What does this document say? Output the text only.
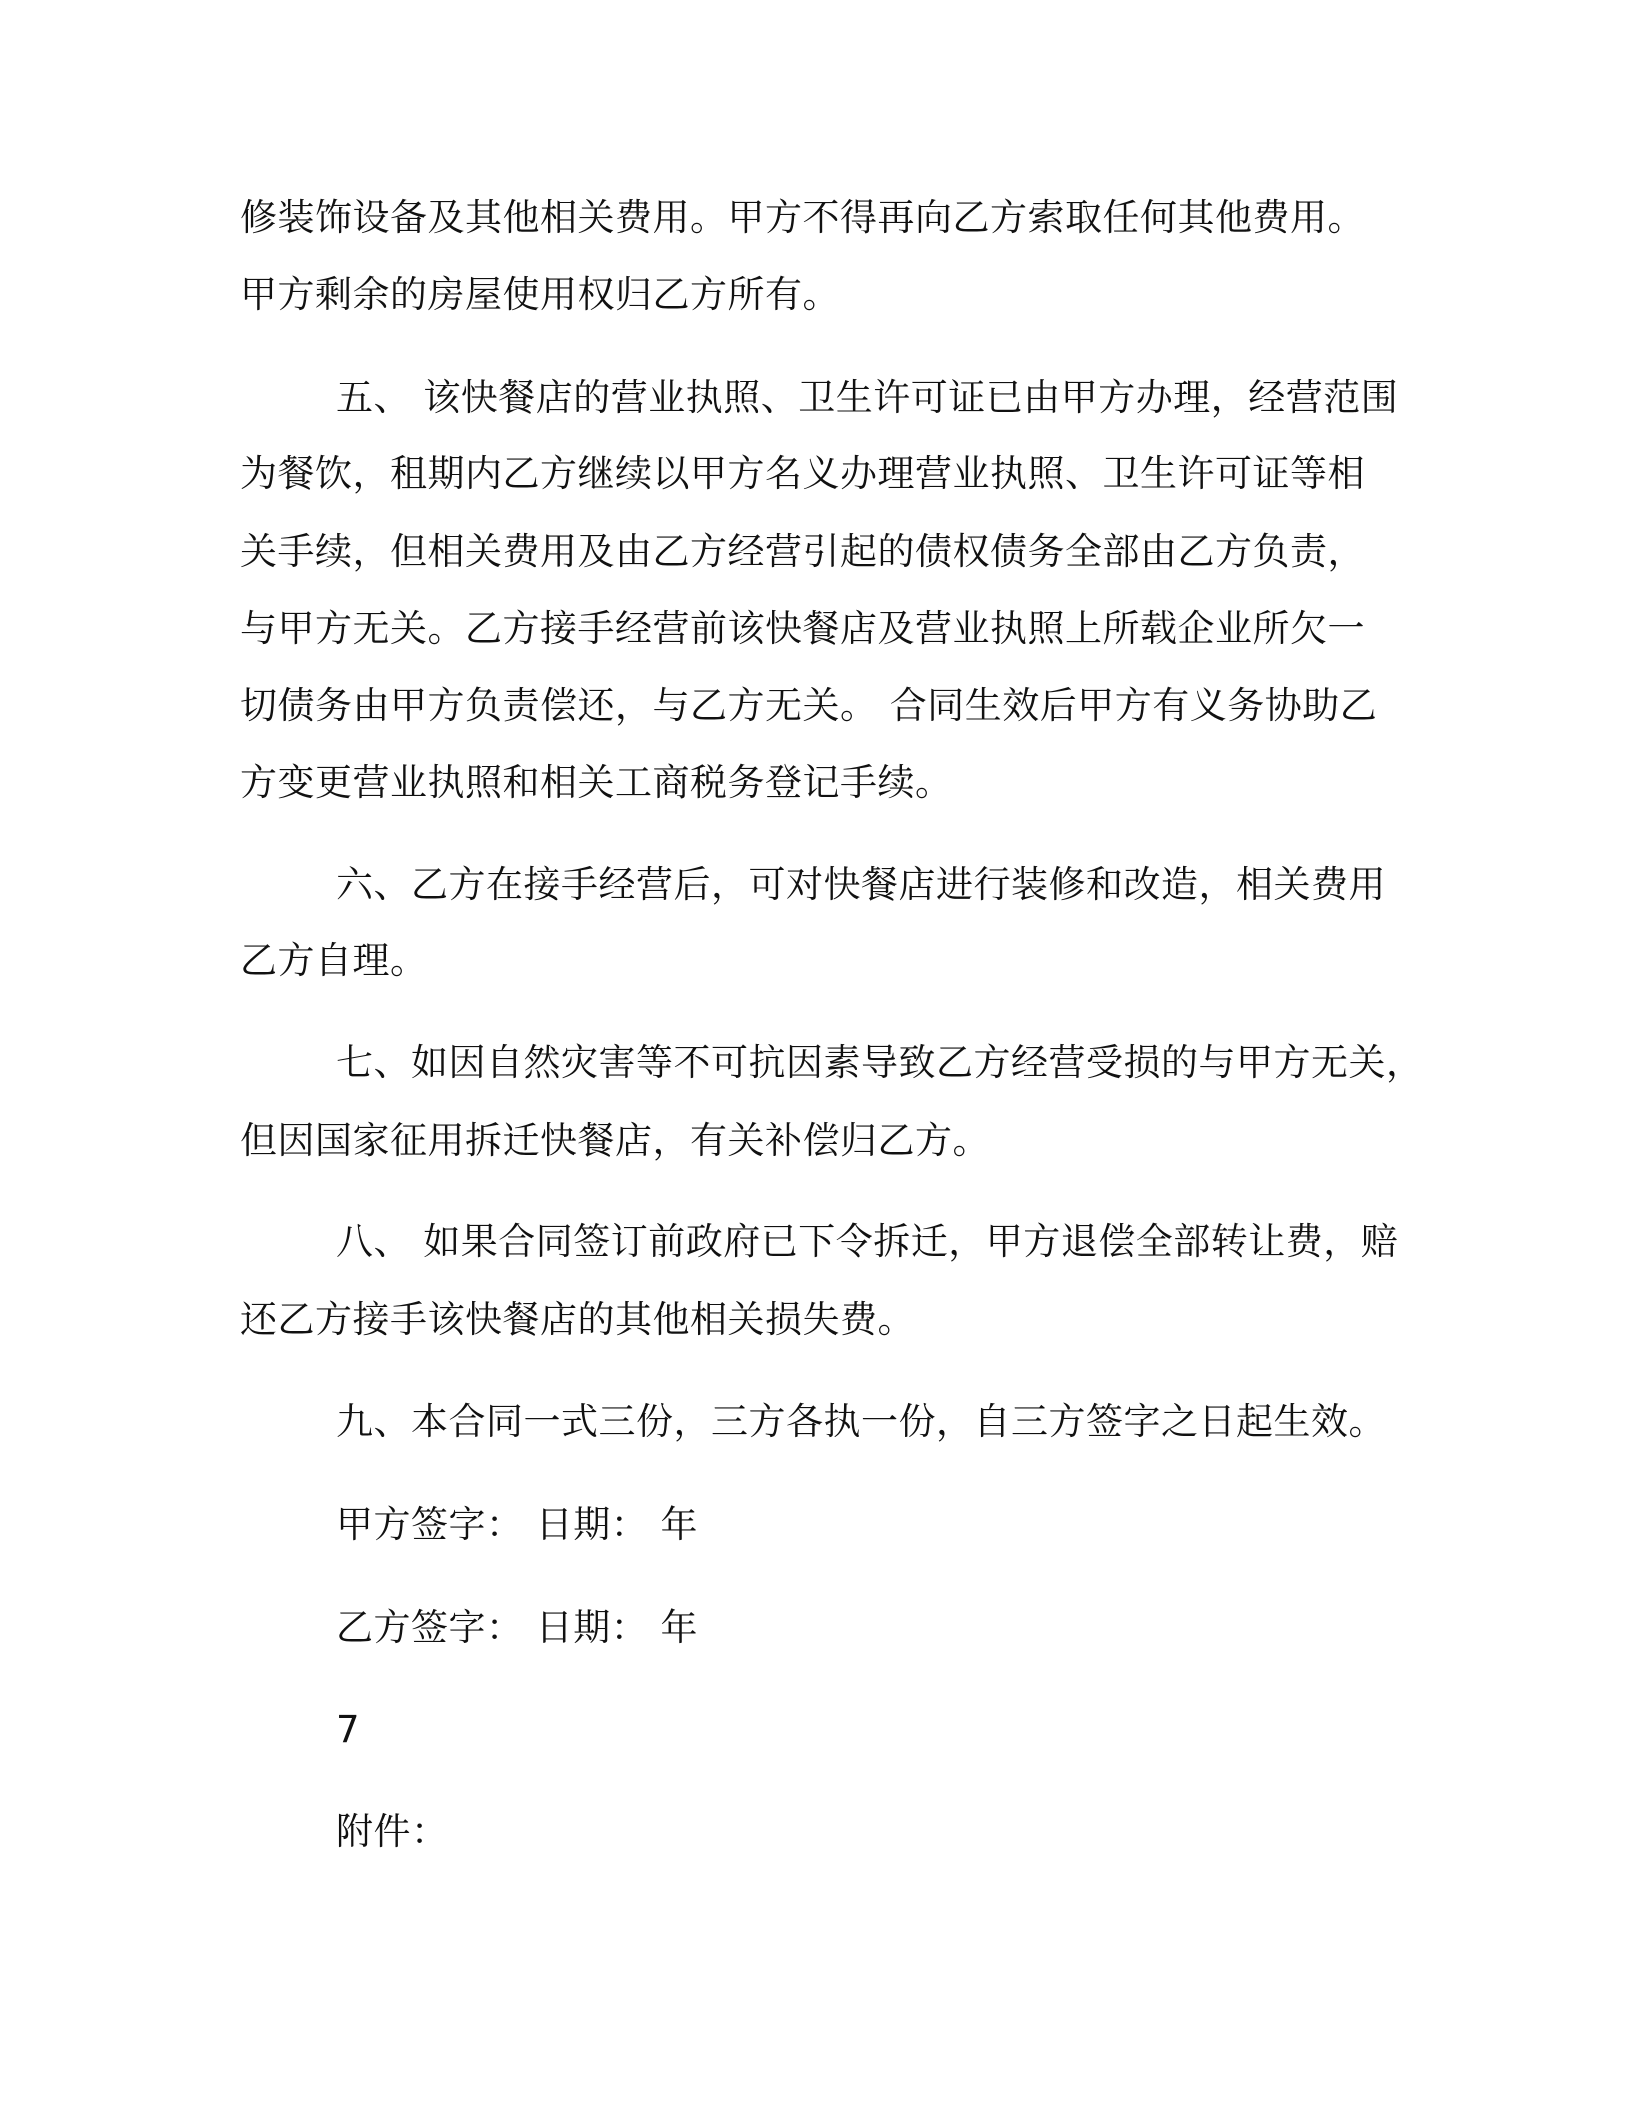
修装饰设备及其他相关费用。甲方不得再向乙方索取任何其他费用。
甲方剩余的房屋使用权归乙方所有。
五、 该快餐店的营业执照、卫生许可证已由甲方办理，经营范围
为餐饮，租期内乙方继续以甲方名义办理营业执照、卫生许可证等相
关手续，但相关费用及由乙方经营引起的债权债务全部由乙方负责，
与甲方无关。乙方接手经营前该快餐店及营业执照上所载企业所欠一
切债务由甲方负责偿还，与乙方无关。 合同生效后甲方有义务协助乙
方变更营业执照和相关工商税务登记手续。
六、乙方在接手经营后，可对快餐店进行装修和改造，相关费用
乙方自理。
七、如因自然灾害等不可抗因素导致乙方经营受损的与甲方无关，
但因国家征用拆迁快餐店，有关补偿归乙方。
八、 如果合同签订前政府已下令拆迁，甲方退偿全部转让费，赔
还乙方接手该快餐店的其他相关损失费。
九、本合同一式三份，三方各执一份，自三方签字之日起生效。
甲方签字： 日期： 年
乙方签字： 日期： 年
7
附件：
